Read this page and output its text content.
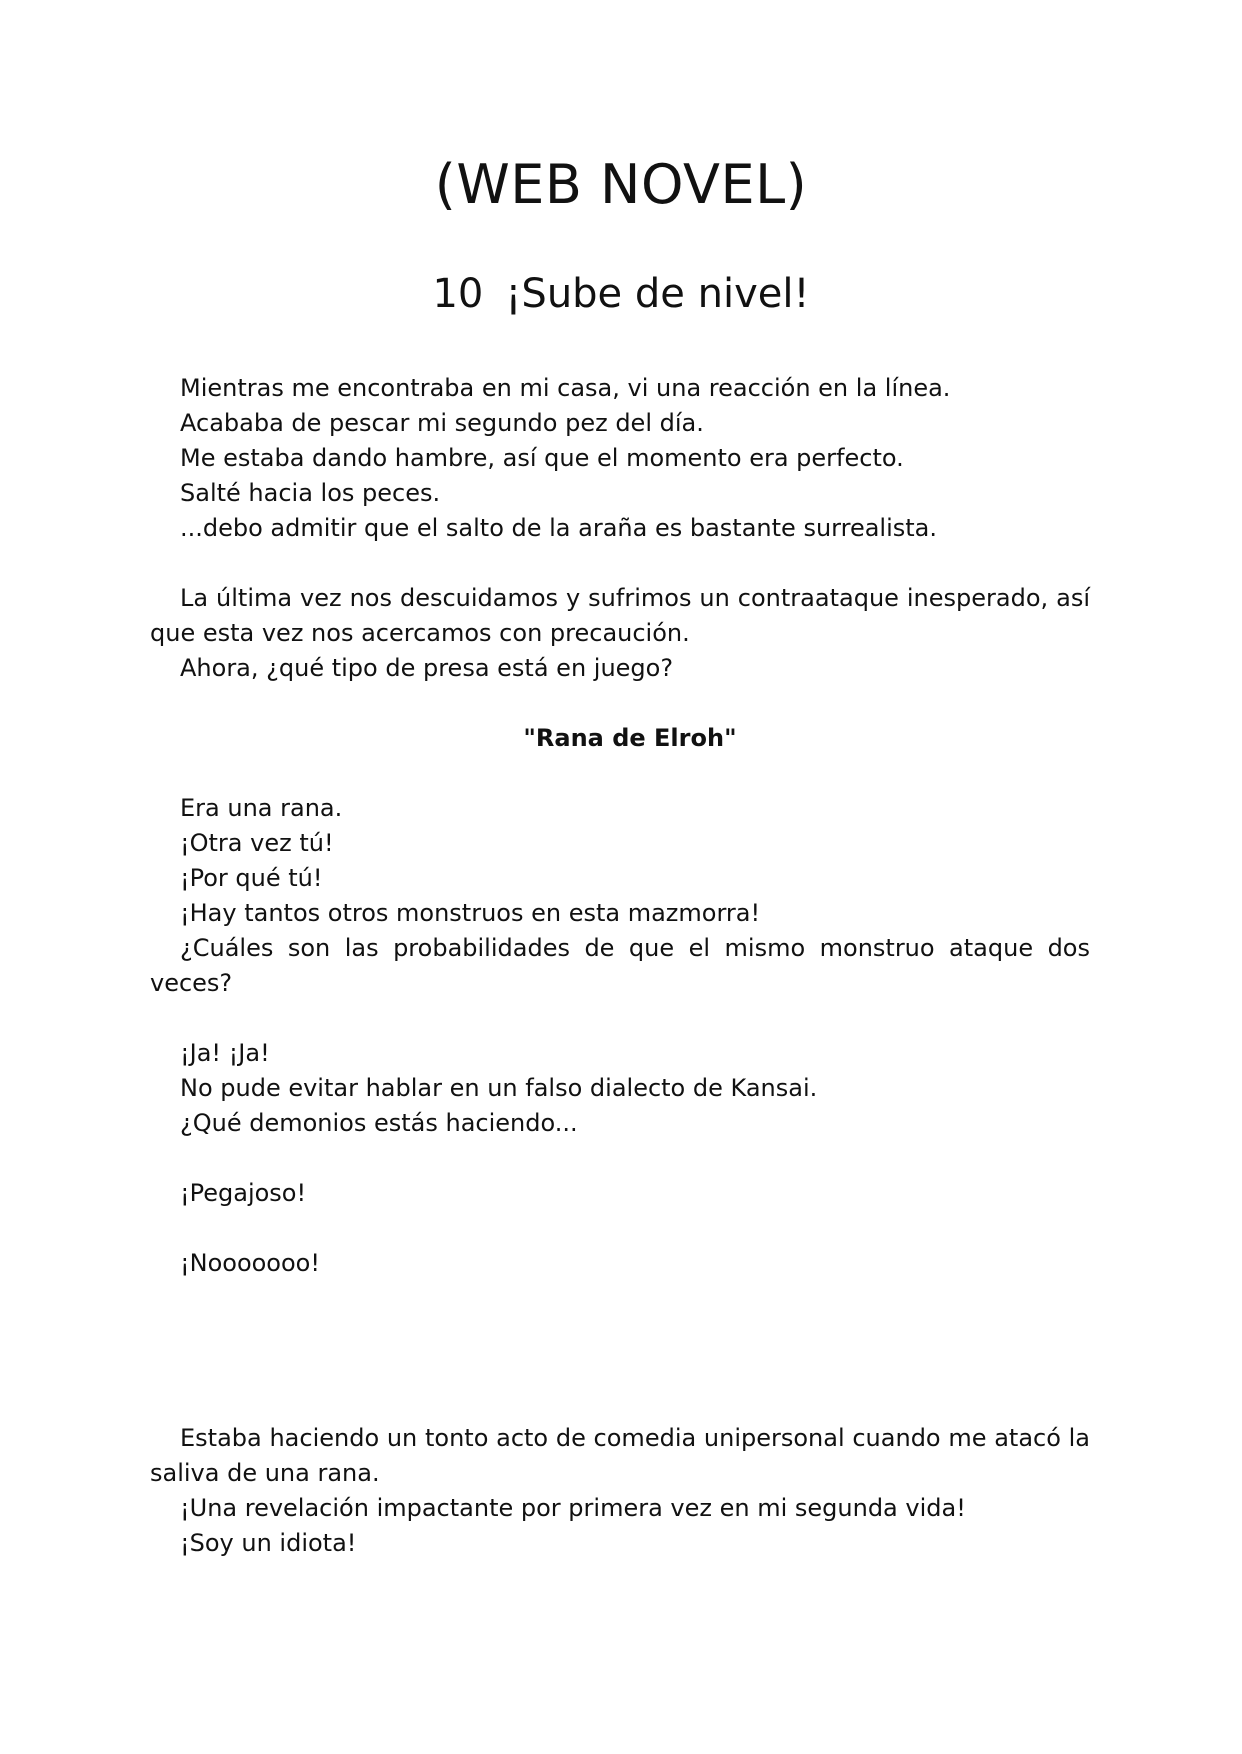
(WEB NOVEL)
10 ¡Sube de nivel!

Mientras me encontraba en mi casa, vi una reacción en la línea.

Acababa de pescar mi segundo pez del día.

Me estaba dando hambre, así que el momento era perfecto.

Salté hacia los peces.

...debo admitir que el salto de la araña es bastante surrealista.

La última vez nos descuidamos y sufrimos un contraataque inesperado, así que esta vez nos acercamos con precaución.

Ahora, ¿qué tipo de presa está en juego?

"Rana de Elroh"

Era una rana.

¡Otra vez tú!

¡Por qué tú!

¡Hay tantos otros monstruos en esta mazmorra!

¿Cuáles son las probabilidades de que el mismo monstruo ataque dos veces?

¡Ja! ¡Ja!

No pude evitar hablar en un falso dialecto de Kansai.

¿Qué demonios estás haciendo...

¡Pegajoso!

¡Nooooooo!

Estaba haciendo un tonto acto de comedia unipersonal cuando me atacó la saliva de una rana.

¡Una revelación impactante por primera vez en mi segunda vida!

¡Soy un idiota!
